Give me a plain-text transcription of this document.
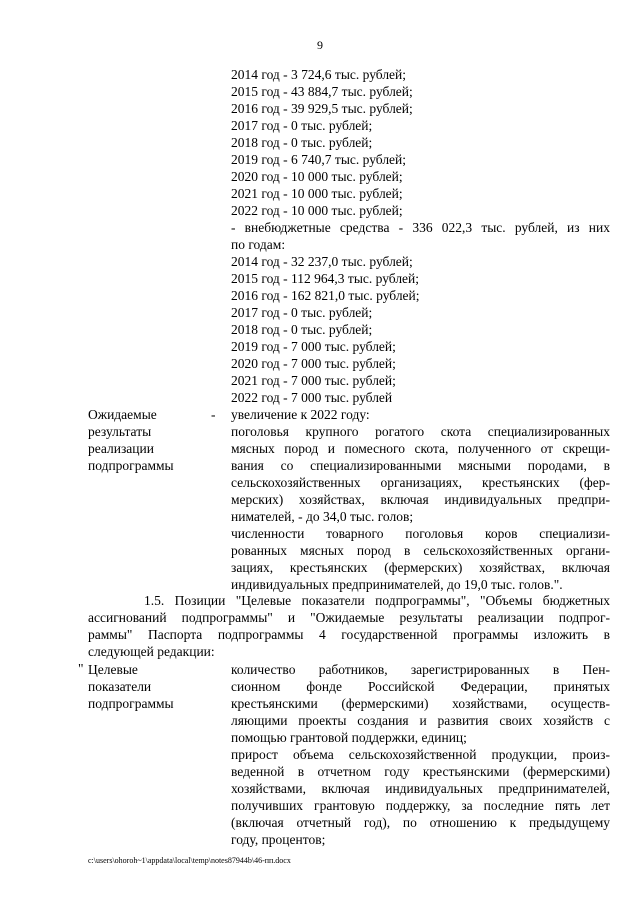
9
2014 год - 3 724,6 тыс. рублей;
2015 год - 43 884,7 тыс. рублей;
2016 год - 39 929,5 тыс. рублей;
2017 год - 0 тыс. рублей;
2018 год - 0 тыс. рублей;
2019 год - 6 740,7 тыс. рублей;
2020 год - 10 000 тыс. рублей;
2021 год - 10 000 тыс. рублей;
2022 год - 10 000 тыс. рублей;
- внебюджетные средства - 336 022,3 тыс. рублей, из них
по годам:
2014 год - 32 237,0 тыс. рублей;
2015 год - 112 964,3 тыс. рублей;
2016 год - 162 821,0 тыс. рублей;
2017 год - 0 тыс. рублей;
2018 год - 0 тыс. рублей;
2019 год - 7 000 тыс. рублей;
2020 год - 7 000 тыс. рублей;
2021 год - 7 000 тыс. рублей;
2022 год - 7 000 тыс. рублей
Ожидаемые
результаты
реализации
подпрограммы
- увеличение к 2022 году:
поголовья крупного рогатого скота специализированных
мясных пород и помесного скота, полученного от скрещи-
вания со специализированными мясными породами, в
сельскохозяйственных организациях, крестьянских (фер-
мерских) хозяйствах, включая индивидуальных предпри-
нимателей, - до 34,0 тыс. голов;
численности товарного поголовья коров специализи-
рованных мясных пород в сельскохозяйственных органи-
зациях, крестьянских (фермерских) хозяйствах, включая
индивидуальных предпринимателей, до 19,0 тыс. голов.".
1.5. Позиции "Целевые показатели подпрограммы", "Объемы бюджетных
ассигнований подпрограммы" и "Ожидаемые результаты реализации подпрог-
раммы" Паспорта подпрограммы 4 государственной программы изложить в
следующей редакции:
" Целевые
показатели
подпрограммы
количество работников, зарегистрированных в Пен-
сионном фонде Российской Федерации, принятых
крестьянскими (фермерскими) хозяйствами, осуществ-
ляющими проекты создания и развития своих хозяйств с
помощью грантовой поддержки, единиц;
прирост объема сельскохозяйственной продукции, произ-
веденной в отчетном году крестьянскими (фермерскими)
хозяйствами, включая индивидуальных предпринимателей,
получивших грантовую поддержку, за последние пять лет
(включая отчетный год), по отношению к предыдущему
году, процентов;
c:\users\ohoroh~1\appdata\local\temp\notes87944b\46-пп.docx
